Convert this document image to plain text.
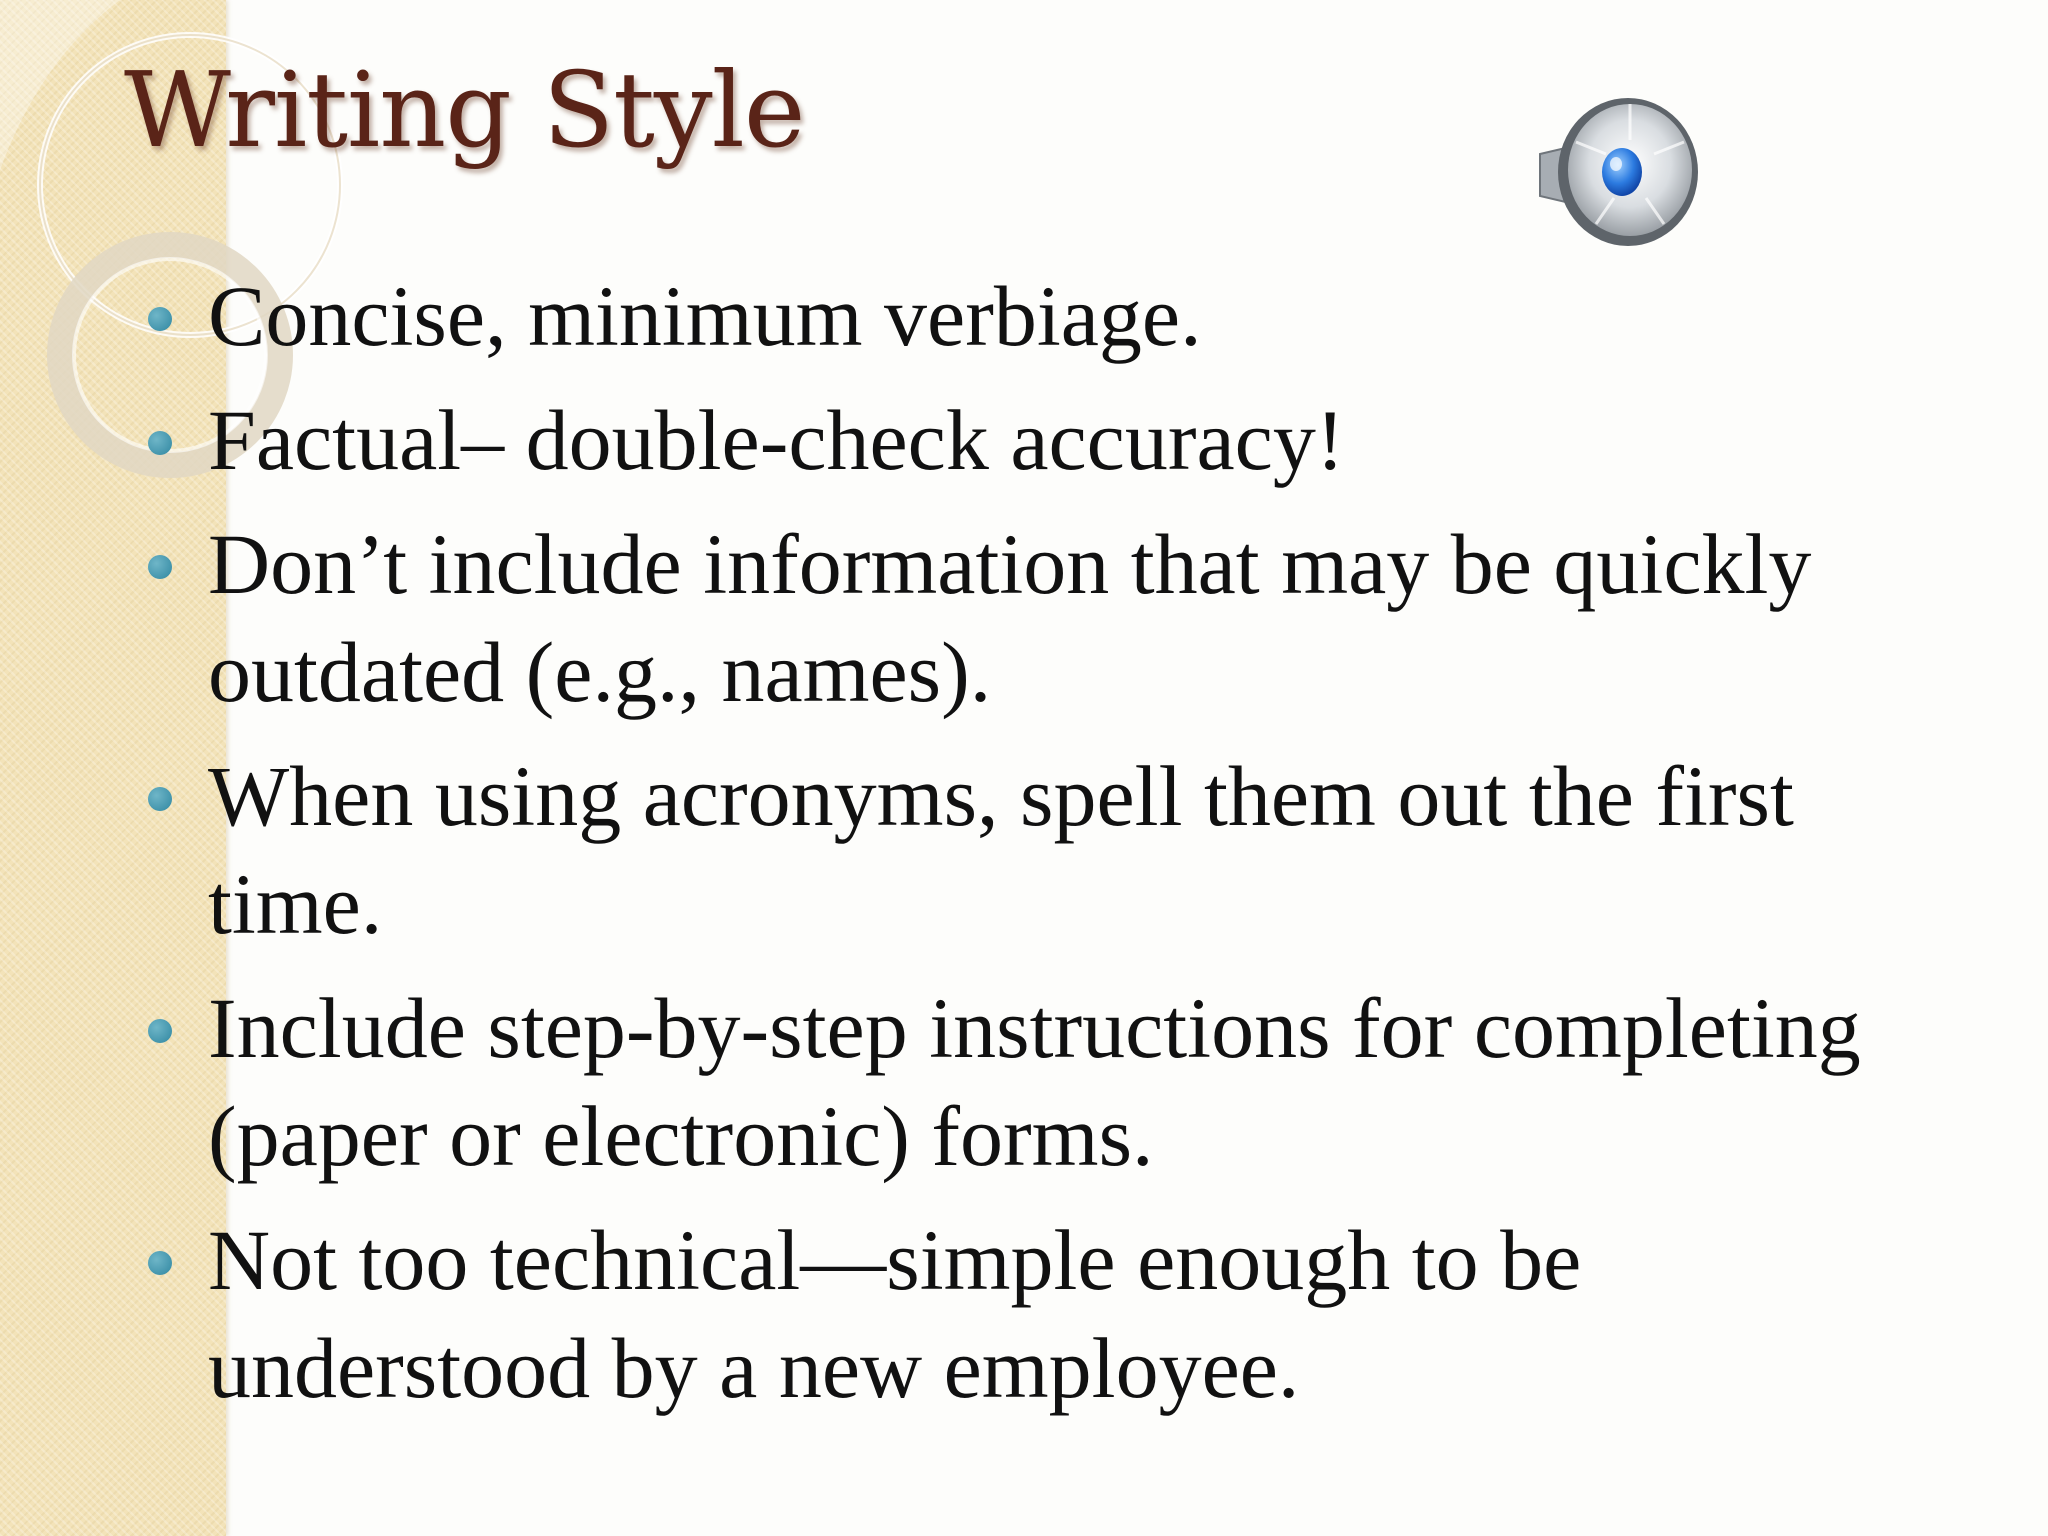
Writing Style
Concise, minimum verbiage.
Factual– double-check accuracy!
Don’t include information that may be quickly outdated (e.g., names).
When using acronyms, spell them out the first time.
Include step-by-step instructions for completing (paper or electronic) forms.
Not too technical—simple enough to be understood by a new employee.
